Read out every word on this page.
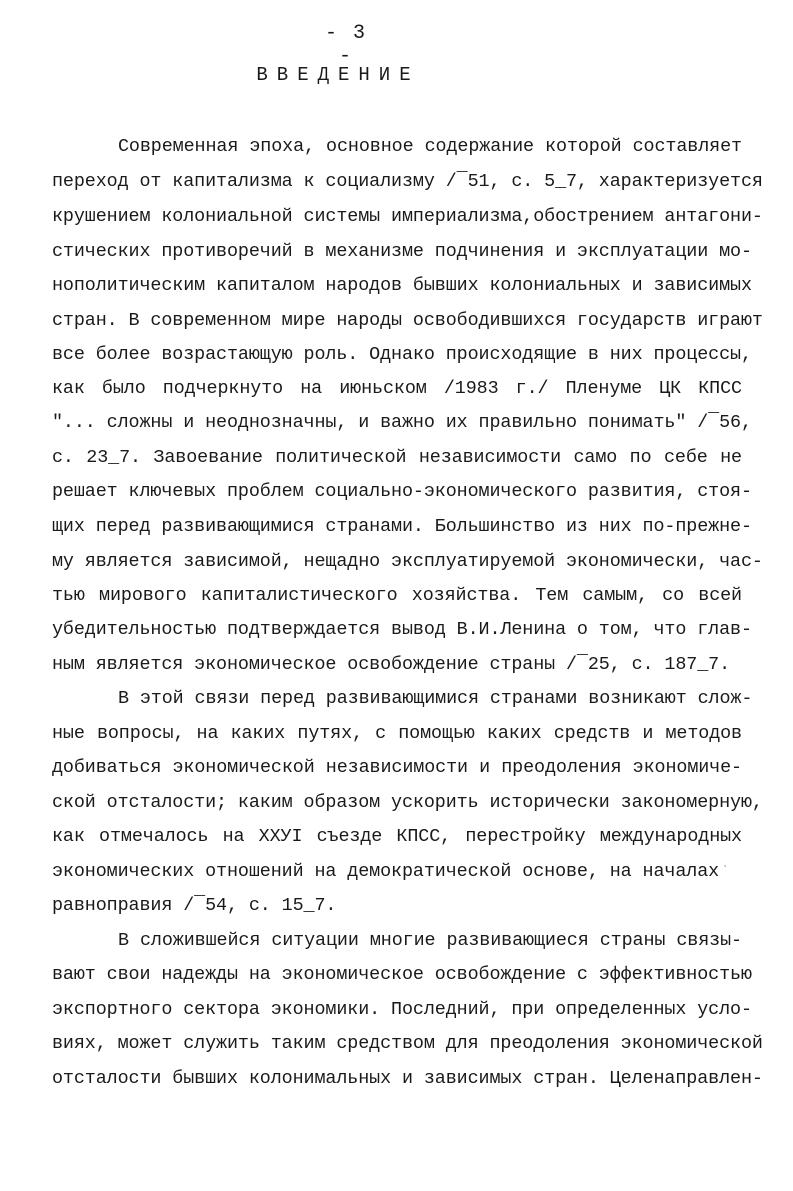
- 3 -
ВВЕДЕНИЕ
Современная эпоха, основное содержание которой составляет
переход от капитализма к социализму /¯51, с. 5_7, характеризуется
крушением колониальной системы империализма,обострением антагони-
стических противоречий в механизме подчинения и эксплуатации мо-
нополитическим капиталом народов бывших колониальных и зависимых
стран. В современном мире народы освободившихся государств играют
все более возрастающую роль. Однако происходящие в них процессы,
как было подчеркнуто на июньском /1983 г./ Пленуме ЦК КПСС
"... сложны и неоднозначны, и важно их правильно понимать" /¯56,
с. 23_7. Завоевание политической независимости само по себе не
решает ключевых проблем социально-экономического развития, стоя-
щих перед развивающимися странами. Большинство из них по-прежне-
му является зависимой, нещадно эксплуатируемой экономически, час-
тью мирового капиталистического хозяйства. Тем самым, со всей
убедительностью подтверждается вывод В.И.Ленина о том, что глав-
ным является экономическое освобождение страны /¯25, с. 187_7.
В этой связи перед развивающимися странами возникают слож-
ные вопросы, на каких путях, с помощью каких средств и методов
добиваться экономической независимости и преодоления экономиче-
ской отсталости; каким образом ускорить исторически закономерную,
как отмечалось на ХХУI съезде КПСС, перестройку международных
экономических отношений на демократической основе, на началах
равноправия /¯54, с. 15_7.
В сложившейся ситуации многие развивающиеся страны связы-
вают свои надежды на экономическое освобождение с эффективностью
экспортного сектора экономики. Последний, при определенных усло-
виях, может служить таким средством для преодоления экономической
отсталости бывших колонимальных и зависимых стран. Целенаправлен-
ˋ
